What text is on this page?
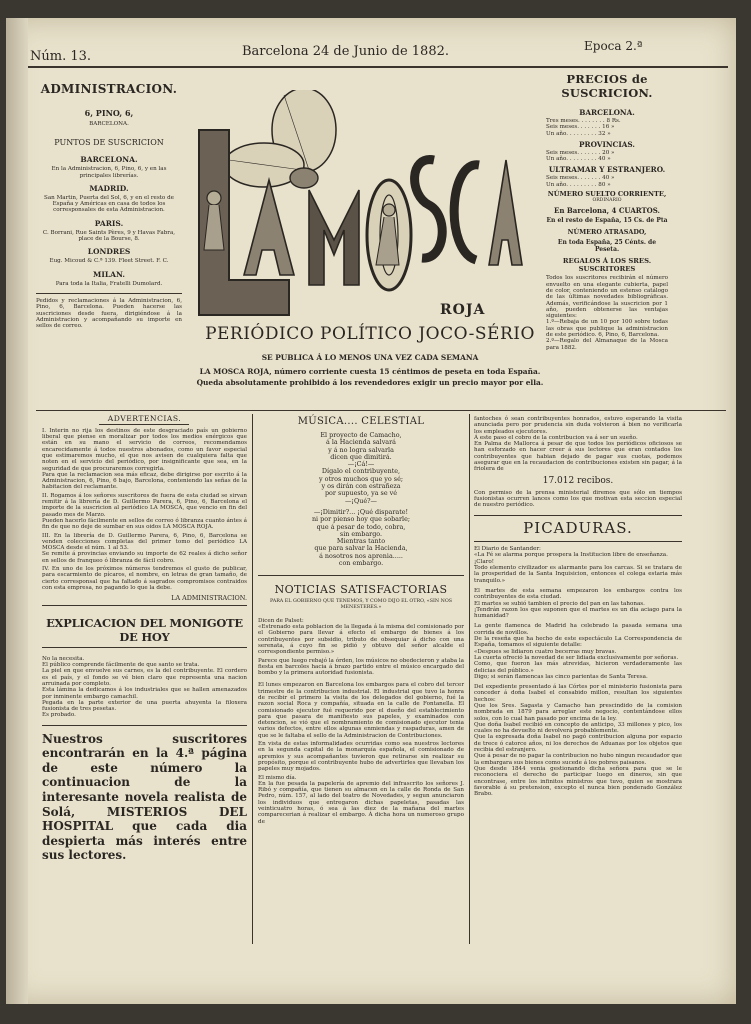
Núm. 13.	Barcelona 24 de Junio de 1882.	Epoca 2.ª
ADMINISTRACION.
6, PINO, 6,
BARCELONA.
PUNTOS DE SUSCRICION
BARCELONA.
En la Administracion, 6, Pino, 6, y en las principales librerías.
MADRID.
San Martin, Puerta del Sol, 6, y en el resto de España y Américas en casa de todos los corresponsales de esta Administracion.
PARIS.
C. Borrani, Rue Saints Pères, 9 y Havas Fabra, place de la Bourse, 8.
LONDRES
Eug. Micoud & C.ª 139. Fleet Street. F. C.
MILAN.
Para toda la Italia, Fratelli Dumolard.
Pedidos y reclamaciones á la Administracion, 6, Pino, 6, Barcelona. Pueden hacerse las suscriciones desde fuera, dirigiéndose á la Administracion y acompañando su importe en sellos de correo.
ROJA
PERIÓDICO POLÍTICO JOCO-SÉRIO
SE PUBLICA Á LO MENOS UNA VEZ CADA SEMANA
LA MOSCA ROJA, número corriente cuesta 15 céntimos de peseta en toda España.
Queda absolutamente prohibido á los revendedores exigir un precio mayor por ella.
PRECIOS de SUSCRICION.
BARCELONA.
Tres meses. . . . . . . . 8 Rs.
Seis meses. . . . . . . 16 »
Un año. . . . . . . . . 32 »
PROVINCIAS.
Seis meses. . . . . . . 20 »
Un año. . . . . . . . . 40 »
ULTRAMAR Y ESTRANJERO.
Seis meses. . . . . . . 40 »
Un año. . . . . . . . . 80 »
NÚMERO SUELTO CORRIENTE,
ORDINARIO
En Barcelona, 4 CUARTOS.
En el resto de España, 15 Cs. de Pta
NÚMERO ATRASADO,
En toda España, 25 Cénts. de Peseta.
REGALOS Á LOS SRES. SUSCRITORES
Todos los suscritores recibirán el número envuelto en una elegante cubierta, papel de color, conteniendo un estenso catálogo de las últimas novedades bibliográficas. Además, verificándose la suscricion por 1 año, pueden obtenerse las ventajas siguientes:
1.º—Rebaja de un 10 por 100 sobre todas las obras que publique la administracion de este periódico. 6, Pino, 6, Barcelona.
2.º—Regalo del Almanaque de la Mosca para 1882.
ADVERTENCIAS.

I. Interin no rija los destinos de este desgraciado país un gobierno liberal que piense en moralizar por todos los medios enérgicos que están en su mano el servicio de correos, recomendamos encarecidamente á todos nuestros abonados, como un favor especial que estimaremos mucho, el que nos avisen de cualquiera falta que noten en el servicio del periódico, por insignificante que sea, en la seguridad de que procuraremos corregirla.

Para que la reclamacion sea más eficaz, debe dirigirse por escrito á la Administracion, 6, Pino, 6 bajo, Barcelona, conteniendo las señas de la habitacion del reclamante.

II. Rogamos á los señores suscritores de fuera de esta ciudad se sirvan remitir á la librería de D. Guillermo Parera, 6, Pino, 6, Barcelona el importe de la suscricion al periódico LA MOSCA, que vencio en fin del pasado mes de Marzo.

Pueden hacerlo fácilmente en sellos de correo ó libranza cuanto ántes á fin de que no deje de sumbar en sus oidos LA MOSCA ROJA.

III. En la librería de D. Guillermo Parera, 6, Pino, 6, Barcelona se venden colecciones completas del primer tomo del periódico LA MOSCA desde el núm. 1 al 53.

Se remite á provincias enviando su importe de 62 reales á dicho señor en sellos de franqueo ó libranza de fácil cobro.

IV. En uno de los próximos números tendremos el gusto de publicar, para escarmiento de pícaros, el nombre, en letras de gran tamaño, de cierto corresponsal que ha faltado á sagrados compromisos contraidos con esta empresa, no pagando lo que la debe.

LA ADMINISTRACION.
EXPLICACION DEL MONIGOTE DE HOY

No la necesita.

El público comprende fácilmente de que santo se trata.

La piel en que envuelve sus carnes, es la del contribuyente. El cordero es el país, y el fondo se vé bien claro que representa una nacion arruinada por completo.

Esta lámina la dedicamos á los industriales que se hallen amenazados por inminente embargo camachil.

Pegada en la parte exterior de una puerta ahuyenta la filoxera fusionista de tres pesetas.

Es probado.

Nuestros suscritores encontrarán en la 4.ª página de este número la continuacion de la interesante novela realista de Solá, MISTERIOS DEL HOSPITAL que cada dia despierta más interés entre sus lectores.
MÚSICA.... CELESTIAL
El proyecto de Camacho,
á la Hacienda salvará
y á no logra salvarla
dicen que dimitirá.
—¡Cá!—
Dígalo el contribuyente,
y otros muchos que yo sé;
y os dirán con estrañeza
por supuesto, ya se vé
—¡Qué?—
—¡Dimitir?... ¡Qué disparate!
ni por pienso hoy que sobarle;
que á pesar de todo, cobra,
sin embargo.
Mientras tanto
que para salvar la Hacienda,
á nosotros nos aprenia.....
con embargo.
NOTICIAS SATISFACTORIAS
PARA EL GOBIERNO QUE TENEMOS, Y COMO DIJO EL OTRO, «SIN NOS MENESTERES.»

Dicen de Palset:

«Estrenado esta poblacion de la llegada á la misma del comisionado por el Gobierno para llevar á efecto el embargo de bienes á los contribuyentes por subsidio, tributo de obsequiar á dicho con una serenata, á cuyo fin se pidió y obtuvo del señor alcalde el correspondiente permiso.»

Parece que luego rebajó la órden, los músicos no obedecieron y ataba la fiesta en barcoles hacia á brazo partido entre el músico encargado del bombo y la primera autoridad fusionista.

El lunes empezaron en Barcelona los embargos para el cobro del tercer trimestre de la contribucion industrial. El industrial que tuvo la honra de recibir el primero la visita de los delegados del gobierno, fué la razon social Roca y compañía, situada en la calle de Fontanella. El comisionado ejecutor fué requerido por el dueño del establecimiento para que pasara de manifiesto sus papeles, y examinados con detencion, se vió que el nombramiento de comisionado ejecutor tenia varios defectos, entre ellos algunas enmiendas y raspaduras, amen de que se le faltaba el sello de la Administracion de Contribuciones.

En vista de estas informalidades ocurridas como sea nuestros lectores en la segunda capital de la monarquía española, el comisionado de apremios y sus acompañantes tuvieron que retirarse sin realizar su propósito, porque el contribuyente hubo de advertirles que llevaban los papeles muy mojados.

El mismo día.

En la fue pesada la papelería de apremio del infrascrito los señores J. Ribó y compañía, que tienen su almacen en la calle de Ronda de San Pedro, núm. 157, al lado del teatro de Novedades, y segun anunciaron los individuos que entregaron dichas papeletas, pasadas las veinticuatro horas, ó sea á las diez de la mañana del martes comparecerian á realizar el embargo. Á dicha hora un numeroso grupo de

fantoches ó sean contribuyentes honrados, estuvo esperando la visita anunciada pero por prudencia sin duda volvieron á bien no verificarla los empleados ejecutores.

Á este paso el cobro de la contribucion va á ser un sueño.

En Palma de Mallorca á pesar de que todos los periódicos oficiosos se han esforzado en hacer creer á sus lectores que eran contados los contribuyentes que habian dejado de pagar sus cuotas, podemos asegurar que en la recaudacion de contribuciones existen sin pagar, á la friolera de

17.012 recibos.
Con permiso de la prensa ministerial diremos que sólo en tiempos fusionistas ocurren lances como los que motivan esta seccion especial de nuestro periódico.
PICADURAS.

El Diario de Santander:

«La Fé se alarma porque prospera la Institucion libre de enseñanza.

¡Claro!

Todo elemento civilizador es alarmante para los carcas. Si se tratara de la prosperidad de la Santa Inquisicion, entonces el colega estaria más tranquilo.»

El martes de esta semana empezaron los embargos contra los contribuyentes de esta ciudad.

El martes se subió tambien el precio del pan en las tahonas.

¡Tendrán razon los que suponen que el martes es un dia aciago para la humanidad?

La gente flamenca de Madrid ha celebrado la pasada semana una corrida de novillos.

De la reseña que ha hecho de este espectáculo La Correspondencia de España, tomamos el siguiente detalle:

«Despues se lidiaron cuatro becerras muy bravas.

La cuerta ofreció la novedad de ser lidiada exclusivamente por señoras.

Como, que fueron las más atrevidas, hicieron verdaderamente las delicias del público.»

Digo; si serán flamencas las cinco parientas de Santa Teresa.

Del expediente presentado á las Córtes por el ministerio fusionista para conceder á doña Isabel el consabido millon, resultan los siguientes hechos:

Que los Sres. Sagasta y Camacho han prescindido de la comision nombrada en 1879 para arreglar este negocio, contentándose ellos solos, con lo cual han pasado por encima de la ley.

Que doña Isabel recibió en concepto de anticipo, 33 millones y pico, los cuales no ha devuelto ni devolverá probablemente.

Que la expresada doña Isabel no pagó contribucion alguna por espacio de trece ó catorce años, ni los derechos de Aduanas por los objetos que recibia del estranjero.

Que á pesar de no pagar la contribucion no hubo ningun recaudador que la embargara sus bienes como sucede á los pobres paisanos.

Que desde 1844 venia gestionando dicha señora para que se le reconociera el derecho de participar luego en dineros, sin que encontrase, entre los infinitos ministros que tuvo, quien se mostrara favorable á su pretension, excepto el nunca bien ponderado González Brabo.
